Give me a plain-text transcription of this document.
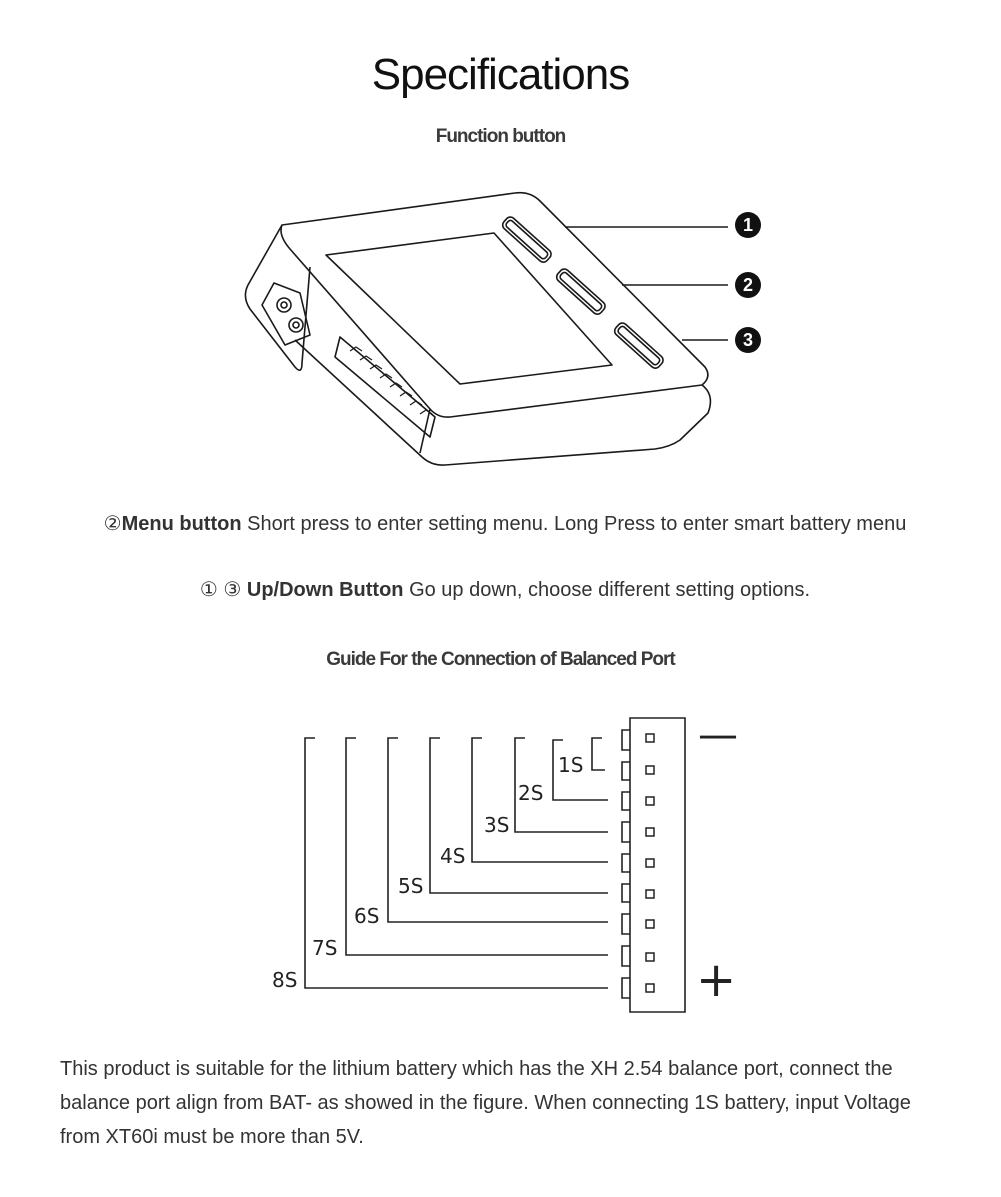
Specifications
Function button
1
2
3
②Menu button Short press to enter setting menu. Long Press to enter smart battery menu
① ③ Up/Down Button Go up down, choose different setting options.
Guide For the Connection of Balanced Port
1S
2S
3S
4S
5S
6S
7S
8S
—
+
This product is suitable for the lithium battery which has the XH 2.54 balance port, connect the balance port align from BAT- as showed in the figure. When connecting 1S battery, input Voltage from XT60i must be more than 5V.
